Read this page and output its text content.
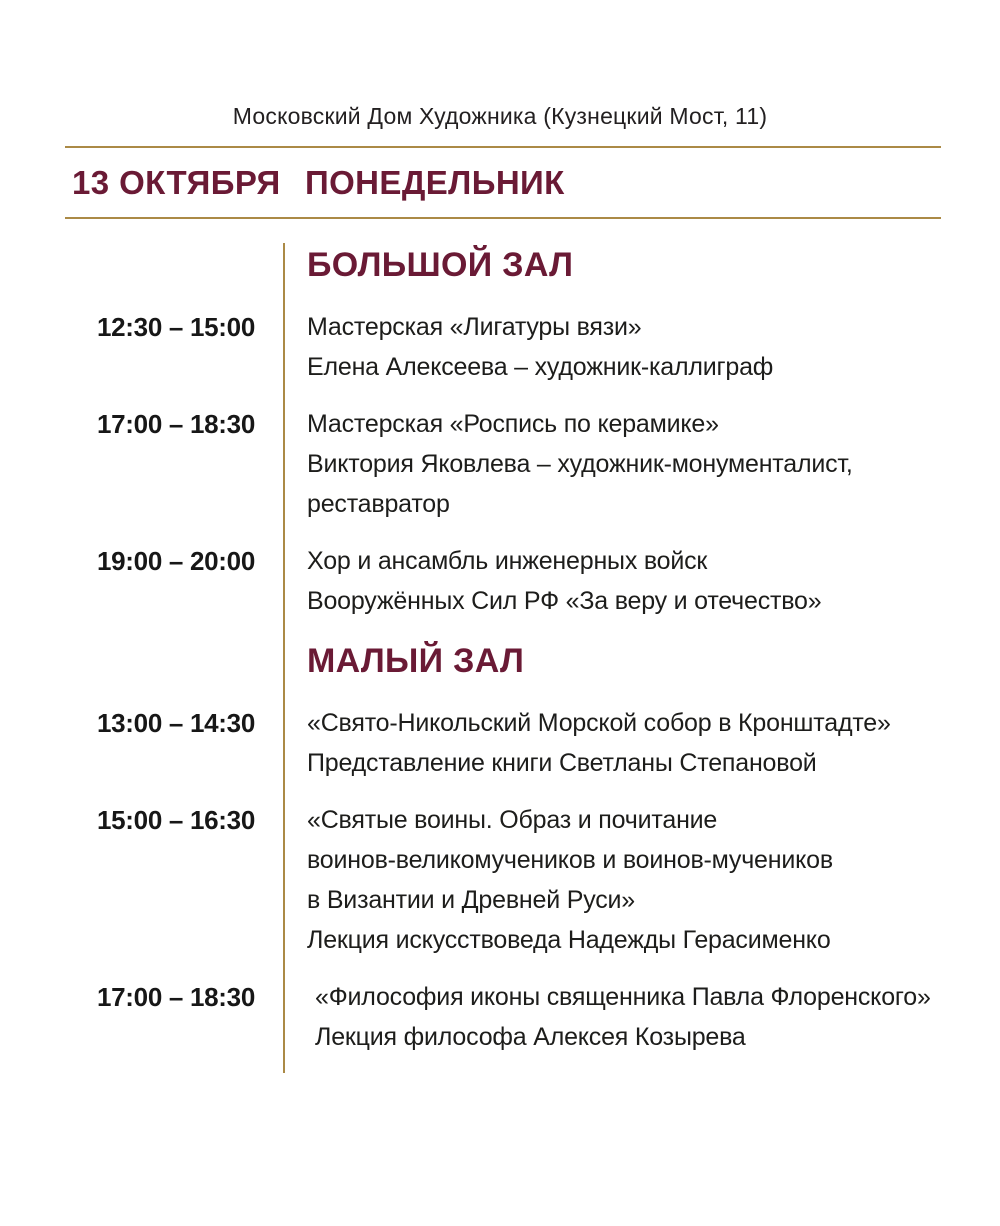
Московский Дом Художника (Кузнецкий Мост, 11)
13 ОКТЯБРЯ ПОНЕДЕЛЬНИК
БОЛЬШОЙ ЗАЛ
12:30 – 15:00	Мастерская «Лигатуры вязи»
Елена Алексеева – художник-каллиграф
17:00 – 18:30	Мастерская «Роспись по керамике»
Виктория Яковлева – художник-монументалист,
реставратор
19:00 – 20:00	Хор и ансамбль инженерных войск
Вооружённых Сил РФ «За веру и отечество»
МАЛЫЙ ЗАЛ
13:00 – 14:30	«Свято-Никольский Морской собор в Кронштадте»
Представление книги Светланы Степановой
15:00 – 16:30	«Святые воины. Образ и почитание
воинов-великомучеников и воинов-мучеников
в Византии и Древней Руси»
Лекция искусствоведа Надежды Герасименко
17:00 – 18:30	«Философия иконы священника Павла Флоренского»
Лекция философа Алексея Козырева
